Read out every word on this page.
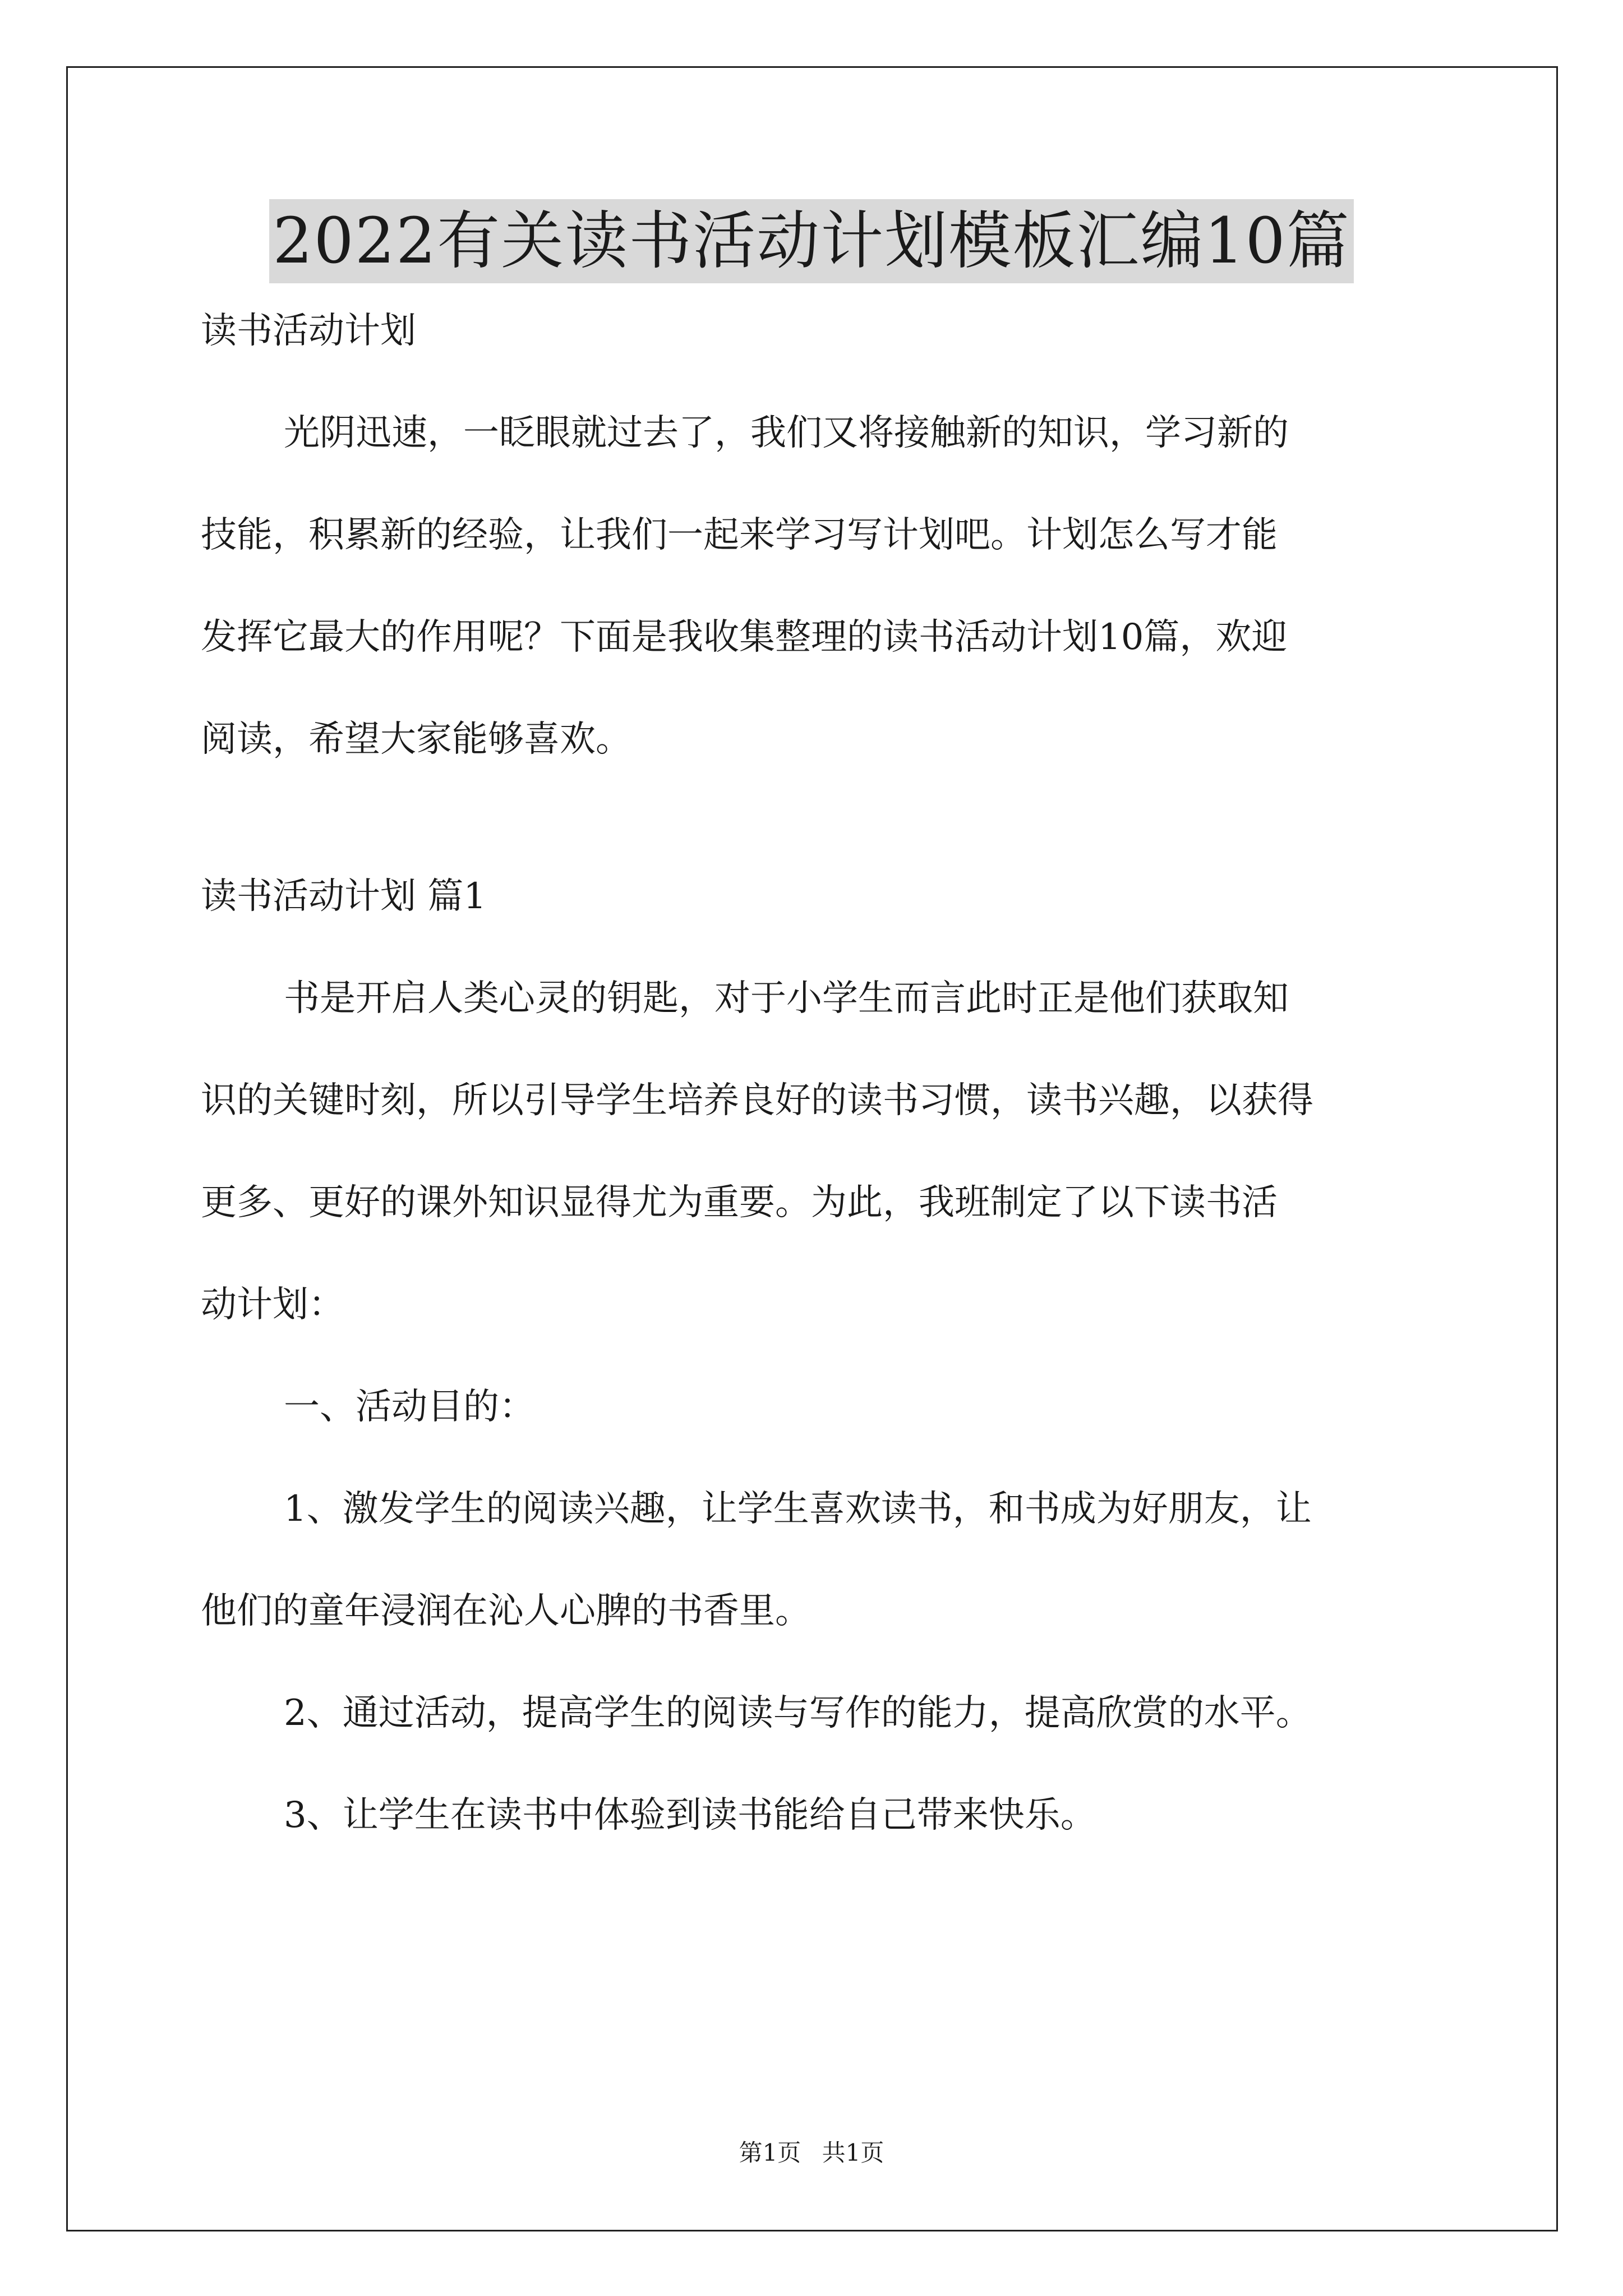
2022有关读书活动计划模板汇编10篇

读书活动计划

光阴迅速，一眨眼就过去了，我们又将接触新的知识，学习新的

技能，积累新的经验，让我们一起来学习写计划吧。计划怎么写才能

发挥它最大的作用呢？下面是我收集整理的读书活动计划10篇，欢迎

阅读，希望大家能够喜欢。

读书活动计划 篇1

书是开启人类心灵的钥匙，对于小学生而言此时正是他们获取知

识的关键时刻，所以引导学生培养良好的读书习惯，读书兴趣，以获得

更多、更好的课外知识显得尤为重要。为此，我班制定了以下读书活

动计划：

一、活动目的：

1、激发学生的阅读兴趣，让学生喜欢读书，和书成为好朋友，让

他们的童年浸润在沁人心脾的书香里。

2、通过活动，提高学生的阅读与写作的能力，提高欣赏的水平。

3、让学生在读书中体验到读书能给自己带来快乐。

第1页 共1页
